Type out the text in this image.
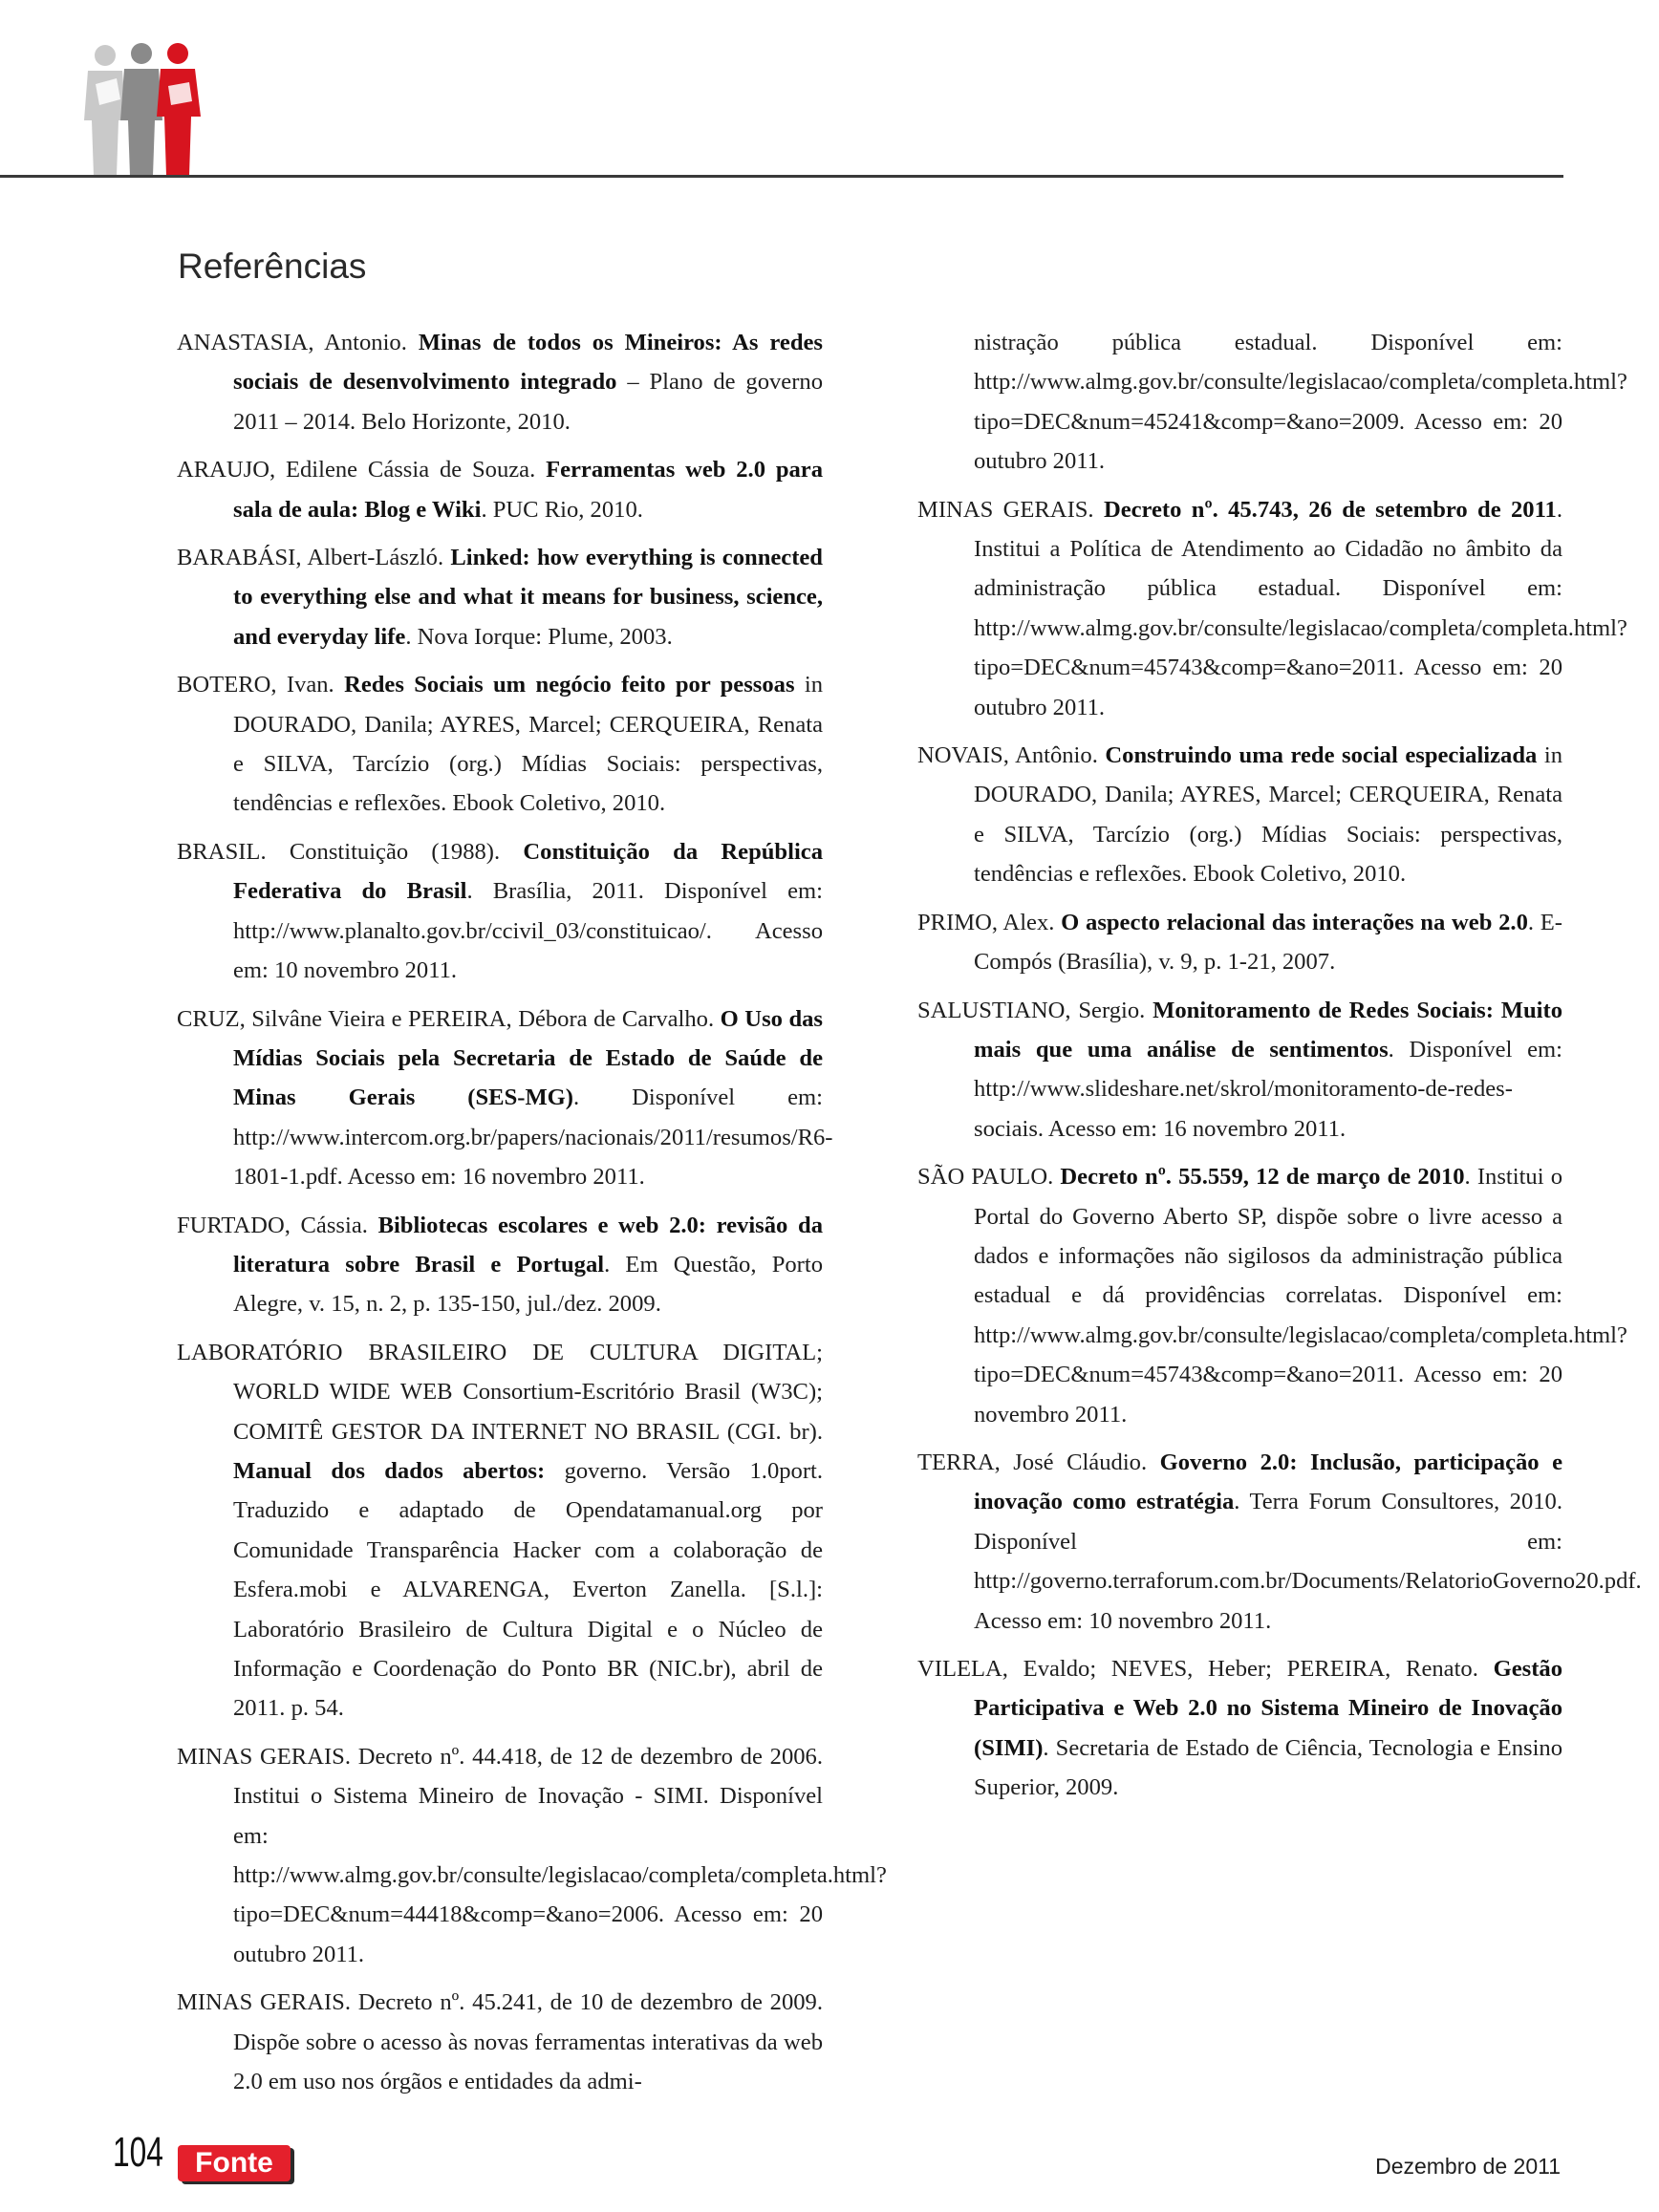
Referências

ANASTASIA, Antonio. Minas de todos os Mineiros: As redes sociais de desenvolvimento integrado – Plano de governo 2011 – 2014. Belo Horizonte, 2010.

ARAUJO, Edilene Cássia de Souza. Ferramentas web 2.0 para sala de aula: Blog e Wiki. PUC Rio, 2010.

BARABÁSI, Albert-László. Linked: how everything is connected to everything else and what it means for business, science, and everyday life. Nova Iorque: Plume, 2003.

BOTERO, Ivan. Redes Sociais um negócio feito por pessoas in DOURADO, Danila; AYRES, Marcel; CERQUEIRA, Renata e SILVA, Tarcízio (org.) Mídias Sociais: perspectivas, tendências e reflexões. Ebook Coletivo, 2010.

BRASIL. Constituição (1988). Constituição da República Federativa do Brasil. Brasília, 2011. Disponível em: http://www.planalto.gov.br/ccivil_03/constituicao/. Acesso em: 10 novembro 2011.

CRUZ, Silvâne Vieira e PEREIRA, Débora de Carvalho. O Uso das Mídias Sociais pela Secretaria de Estado de Saúde de Minas Gerais (SES-MG). Disponível em: http://www.intercom.org.br/papers/nacionais/2011/resumos/R6-1801-1.pdf. Acesso em: 16 novembro 2011.

FURTADO, Cássia. Bibliotecas escolares e web 2.0: revisão da literatura sobre Brasil e Portugal. Em Questão, Porto Alegre, v. 15, n. 2, p. 135-150, jul./dez. 2009.

LABORATÓRIO BRASILEIRO DE CULTURA DIGITAL; WORLD WIDE WEB Consortium-Escritório Brasil (W3C); COMITÊ GESTOR DA INTERNET NO BRASIL (CGI. br). Manual dos dados abertos: governo. Versão 1.0port. Traduzido e adaptado de Opendatamanual.org por Comunidade Transparência Hacker com a colaboração de Esfera.mobi e ALVARENGA, Everton Zanella. [S.l.]: Laboratório Brasileiro de Cultura Digital e o Núcleo de Informação e Coordenação do Ponto BR (NIC.br), abril de 2011. p. 54.

MINAS GERAIS. Decreto nº. 44.418, de 12 de dezembro de 2006. Institui o Sistema Mineiro de Inovação - SIMI. Disponível em: http://www.almg.gov.br/consulte/legislacao/completa/completa.html?tipo=DEC&num=44418&comp=&ano=2006. Acesso em: 20 outubro 2011.

MINAS GERAIS. Decreto nº. 45.241, de 10 de dezembro de 2009. Dispõe sobre o acesso às novas ferramentas interativas da web 2.0 em uso nos órgãos e entidades da admi-

nistração pública estadual. Disponível em: http://www.almg.gov.br/consulte/legislacao/completa/completa.html?tipo=DEC&num=45241&comp=&ano=2009. Acesso em: 20 outubro 2011.

MINAS GERAIS. Decreto nº. 45.743, 26 de setembro de 2011. Institui a Política de Atendimento ao Cidadão no âmbito da administração pública estadual. Disponível em: http://www.almg.gov.br/consulte/legislacao/completa/completa.html?tipo=DEC&num=45743&comp=&ano=2011. Acesso em: 20 outubro 2011.

NOVAIS, Antônio. Construindo uma rede social especializada in DOURADO, Danila; AYRES, Marcel; CERQUEIRA, Renata e SILVA, Tarcízio (org.) Mídias Sociais: perspectivas, tendências e reflexões. Ebook Coletivo, 2010.

PRIMO, Alex. O aspecto relacional das interações na web 2.0. E- Compós (Brasília), v. 9, p. 1-21, 2007.

SALUSTIANO, Sergio. Monitoramento de Redes Sociais: Muito mais que uma análise de sentimentos. Disponível em: http://www.slideshare.net/skrol/monitoramento-de-redes-sociais. Acesso em: 16 novembro 2011.

SÃO PAULO. Decreto nº. 55.559, 12 de março de 2010. Institui o Portal do Governo Aberto SP, dispõe sobre o livre acesso a dados e informações não sigilosos da administração pública estadual e dá providências correlatas. Disponível em: http://www.almg.gov.br/consulte/legislacao/completa/completa.html?tipo=DEC&num=45743&comp=&ano=2011. Acesso em: 20 novembro 2011.

TERRA, José Cláudio. Governo 2.0: Inclusão, participação e inovação como estratégia. Terra Forum Consultores, 2010. Disponível em: http://governo.terraforum.com.br/Documents/RelatorioGoverno20.pdf. Acesso em: 10 novembro 2011.

VILELA, Evaldo; NEVES, Heber; PEREIRA, Renato. Gestão Participativa e Web 2.0 no Sistema Mineiro de Inovação (SIMI). Secretaria de Estado de Ciência, Tecnologia e Ensino Superior, 2009.

104	Fonte	Dezembro de 2011
